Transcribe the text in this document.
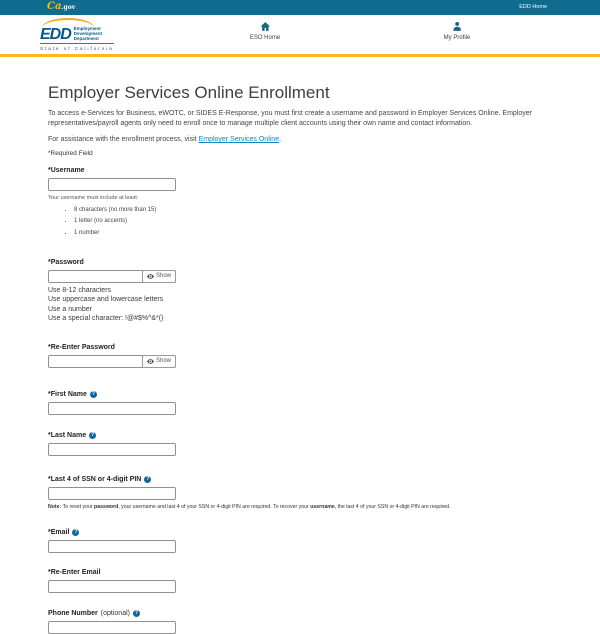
Ca.gov	EDD Home
EDD Employment
Development
Department
State of California
ESO Home	My Profile
Employer Services Online Enrollment

To access e-Services for Business, eWOTC, or SIDES E-Response, you must first create a username and password in Employer Services Online. Employer representatives/payroll agents only need to enroll once to manage multiple client accounts using their own name and contact information.

For assistance with the enrollment process, visit Employer Services Online.

*Required Field

*Username
Your username must include at least:
• 8 characters (no more than 15)
• 1 letter (no accents)
• 1 number
*Password
Show
Use 8-12 characters
Use uppercase and lowercase letters
Use a number
Use a special character: !@#$%^&*()
*Re-Enter Password
Show
*First Name ?
*Last Name ?
*Last 4 of SSN or 4-digit PIN ?
Note: To reset your password, your username and last 4 of your SSN or 4-digit PIN are required. To recover your username, the last 4 of your SSN or 4-digit PIN are required.
*Email ?
*Re-Enter Email
Phone Number (optional) ?
